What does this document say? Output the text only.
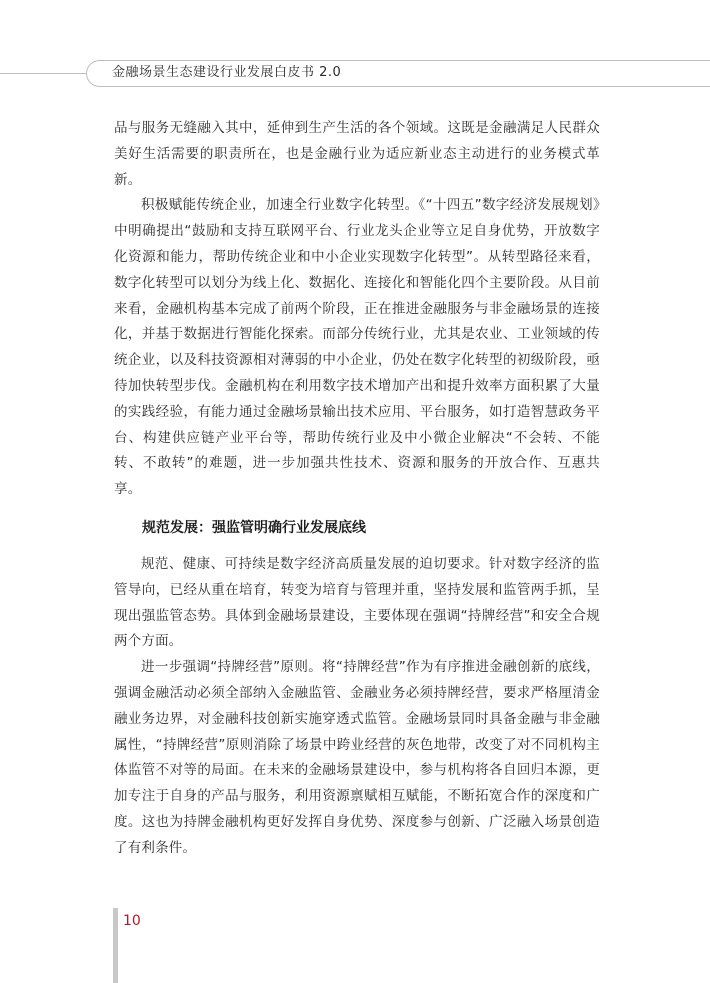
金融场景生态建设行业发展白皮书 2.0

品与服务无缝融入其中，延伸到生产生活的各个领域。这既是金融满足人民群众美好生活需要的职责所在，也是金融行业为适应新业态主动进行的业务模式革新。

积极赋能传统企业，加速全行业数字化转型。《“十四五”数字经济发展规划》中明确提出“鼓励和支持互联网平台、行业龙头企业等立足自身优势，开放数字化资源和能力，帮助传统企业和中小企业实现数字化转型”。从转型路径来看，数字化转型可以划分为线上化、数据化、连接化和智能化四个主要阶段。从目前来看，金融机构基本完成了前两个阶段，正在推进金融服务与非金融场景的连接化，并基于数据进行智能化探索。而部分传统行业，尤其是农业、工业领域的传统企业，以及科技资源相对薄弱的中小企业，仍处在数字化转型的初级阶段，亟待加快转型步伐。金融机构在利用数字技术增加产出和提升效率方面积累了大量的实践经验，有能力通过金融场景输出技术应用、平台服务，如打造智慧政务平台、构建供应链产业平台等，帮助传统行业及中小微企业解决“不会转、不能转、不敢转”的难题，进一步加强共性技术、资源和服务的开放合作、互惠共享。

规范发展：强监管明确行业发展底线

规范、健康、可持续是数字经济高质量发展的迫切要求。针对数字经济的监管导向，已经从重在培育，转变为培育与管理并重，坚持发展和监管两手抓，呈现出强监管态势。具体到金融场景建设，主要体现在强调“持牌经营”和安全合规两个方面。

进一步强调“持牌经营”原则。将“持牌经营”作为有序推进金融创新的底线，强调金融活动必须全部纳入金融监管、金融业务必须持牌经营，要求严格厘清金融业务边界，对金融科技创新实施穿透式监管。金融场景同时具备金融与非金融属性，“持牌经营”原则消除了场景中跨业经营的灰色地带，改变了对不同机构主体监管不对等的局面。在未来的金融场景建设中，参与机构将各自回归本源，更加专注于自身的产品与服务，利用资源禀赋相互赋能，不断拓宽合作的深度和广度。这也为持牌金融机构更好发挥自身优势、深度参与创新、广泛融入场景创造了有利条件。

10
